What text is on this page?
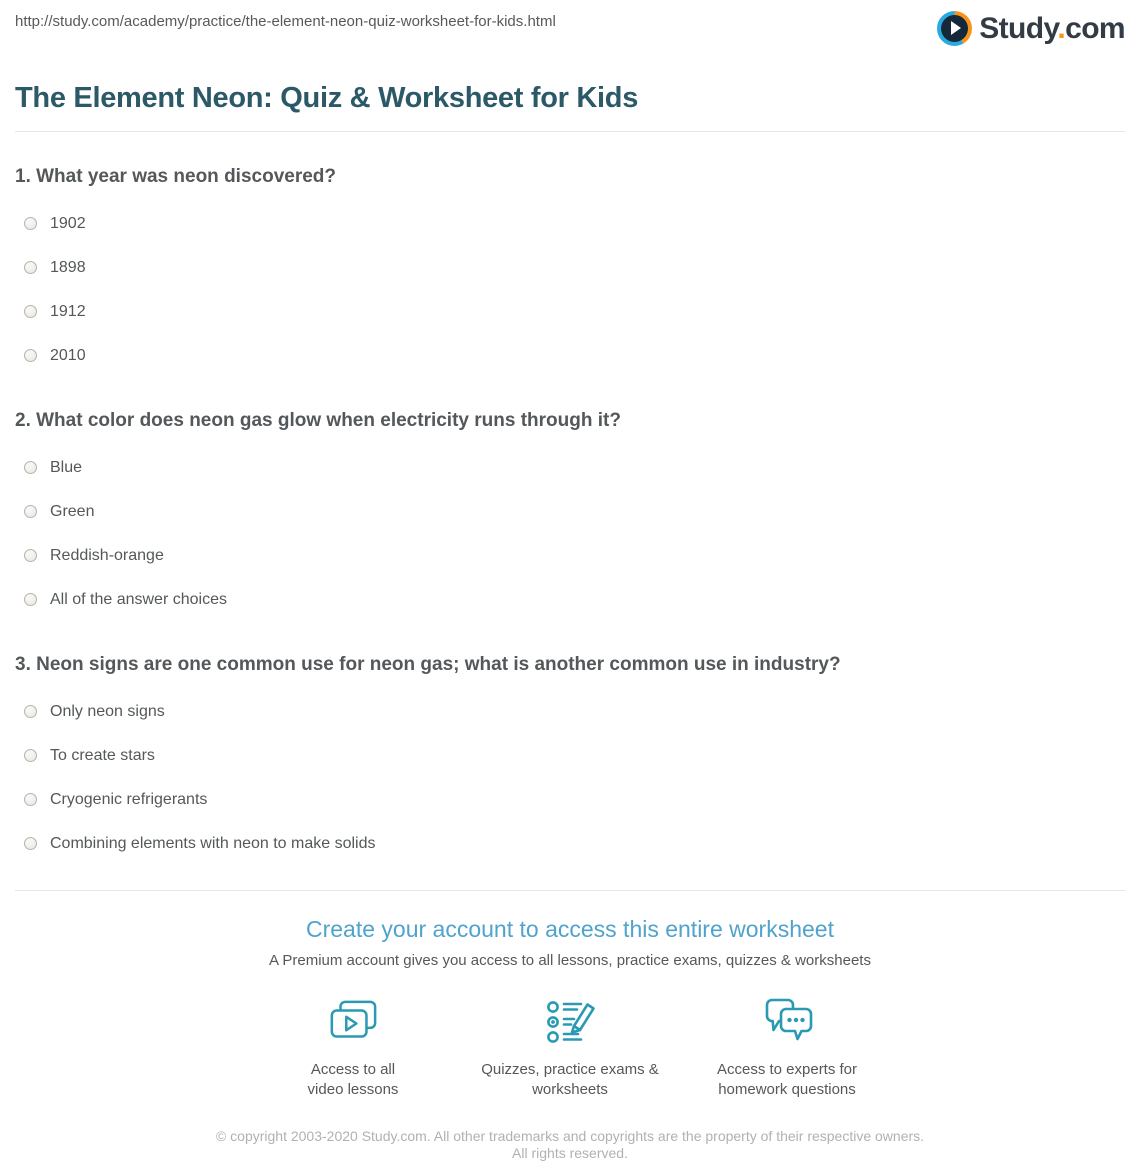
http://study.com/academy/practice/the-element-neon-quiz-worksheet-for-kids.html	Study.com
The Element Neon: Quiz & Worksheet for Kids
1. What year was neon discovered?
1902
1898
1912
2010
2. What color does neon gas glow when electricity runs through it?
Blue
Green
Reddish-orange
All of the answer choices
3. Neon signs are one common use for neon gas; what is another common use in industry?
Only neon signs
To create stars
Cryogenic refrigerants
Combining elements with neon to make solids
Create your account to access this entire worksheet

A Premium account gives you access to all lessons, practice exams, quizzes & worksheets

Access to all video lessons
Quizzes, practice exams & worksheets
Access to experts for homework questions
© copyright 2003-2020 Study.com. All other trademarks and copyrights are the property of their respective owners. All rights reserved.
